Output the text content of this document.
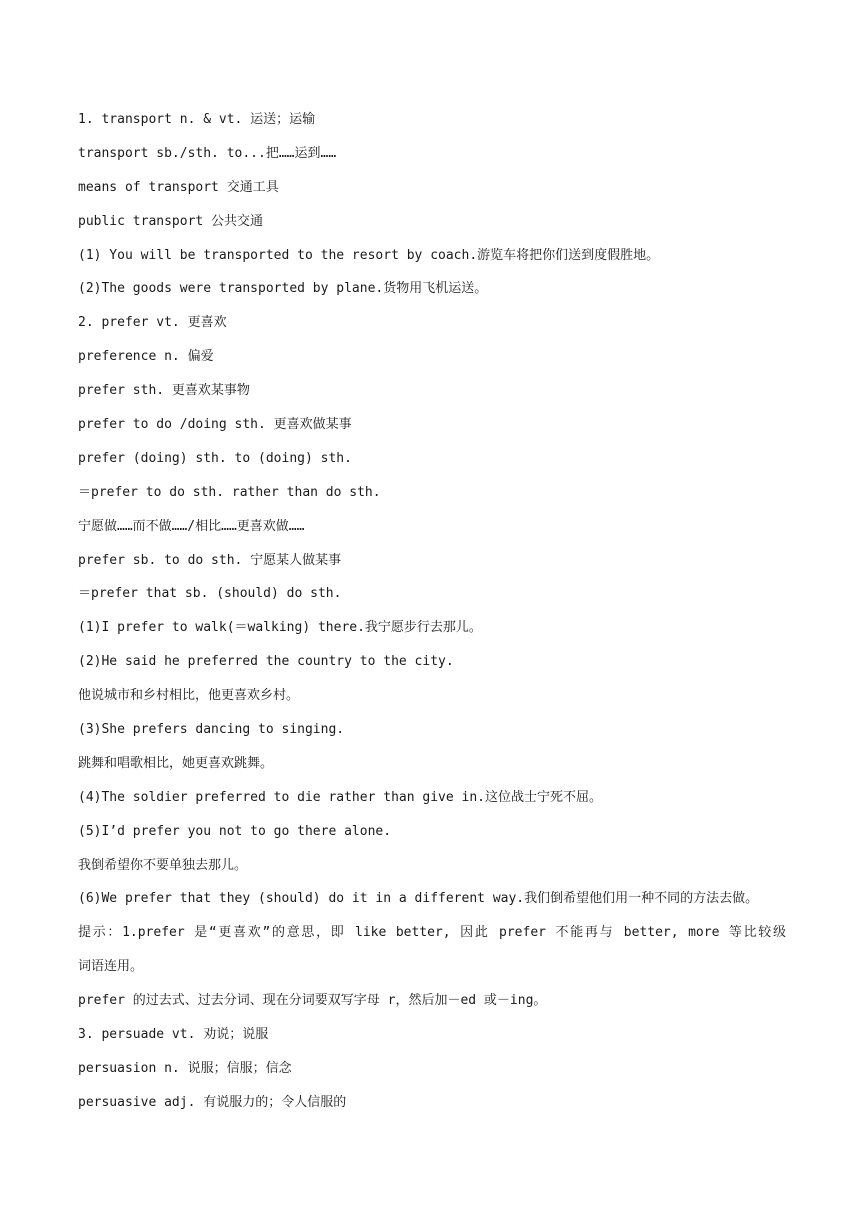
1. transport n. & vt. 运送；运输
transport sb./sth. to...把……运到……
means of transport 交通工具
public transport 公共交通
(1) You will be transported to the resort by coach.游览车将把你们送到度假胜地。
(2)The goods were transported by plane.货物用飞机运送。
2. prefer vt. 更喜欢
preference n. 偏爱
prefer sth. 更喜欢某事物
prefer to do /doing sth. 更喜欢做某事
prefer (doing) sth. to (doing) sth.
＝prefer to do sth. rather than do sth.
宁愿做……而不做……/相比……更喜欢做……
prefer sb. to do sth. 宁愿某人做某事
＝prefer that sb. (should) do sth.
(1)I prefer to walk(＝walking) there.我宁愿步行去那儿。
(2)He said he preferred the country to the city.
他说城市和乡村相比，他更喜欢乡村。
(3)She prefers dancing to singing.
跳舞和唱歌相比，她更喜欢跳舞。
(4)The soldier preferred to die rather than give in.这位战士宁死不屈。
(5)I’d prefer you not to go there alone.
我倒希望你不要单独去那儿。
(6)We prefer that they (should) do it in a different way.我们倒希望他们用一种不同的方法去做。
提示：1.prefer 是“更喜欢”的意思，即 like better, 因此 prefer 不能再与 better, more 等比较级
词语连用。
prefer 的过去式、过去分词、现在分词要双写字母 r，然后加－ed 或－ing。
3. persuade vt. 劝说；说服
persuasion n. 说服；信服；信念
persuasive adj. 有说服力的；令人信服的
